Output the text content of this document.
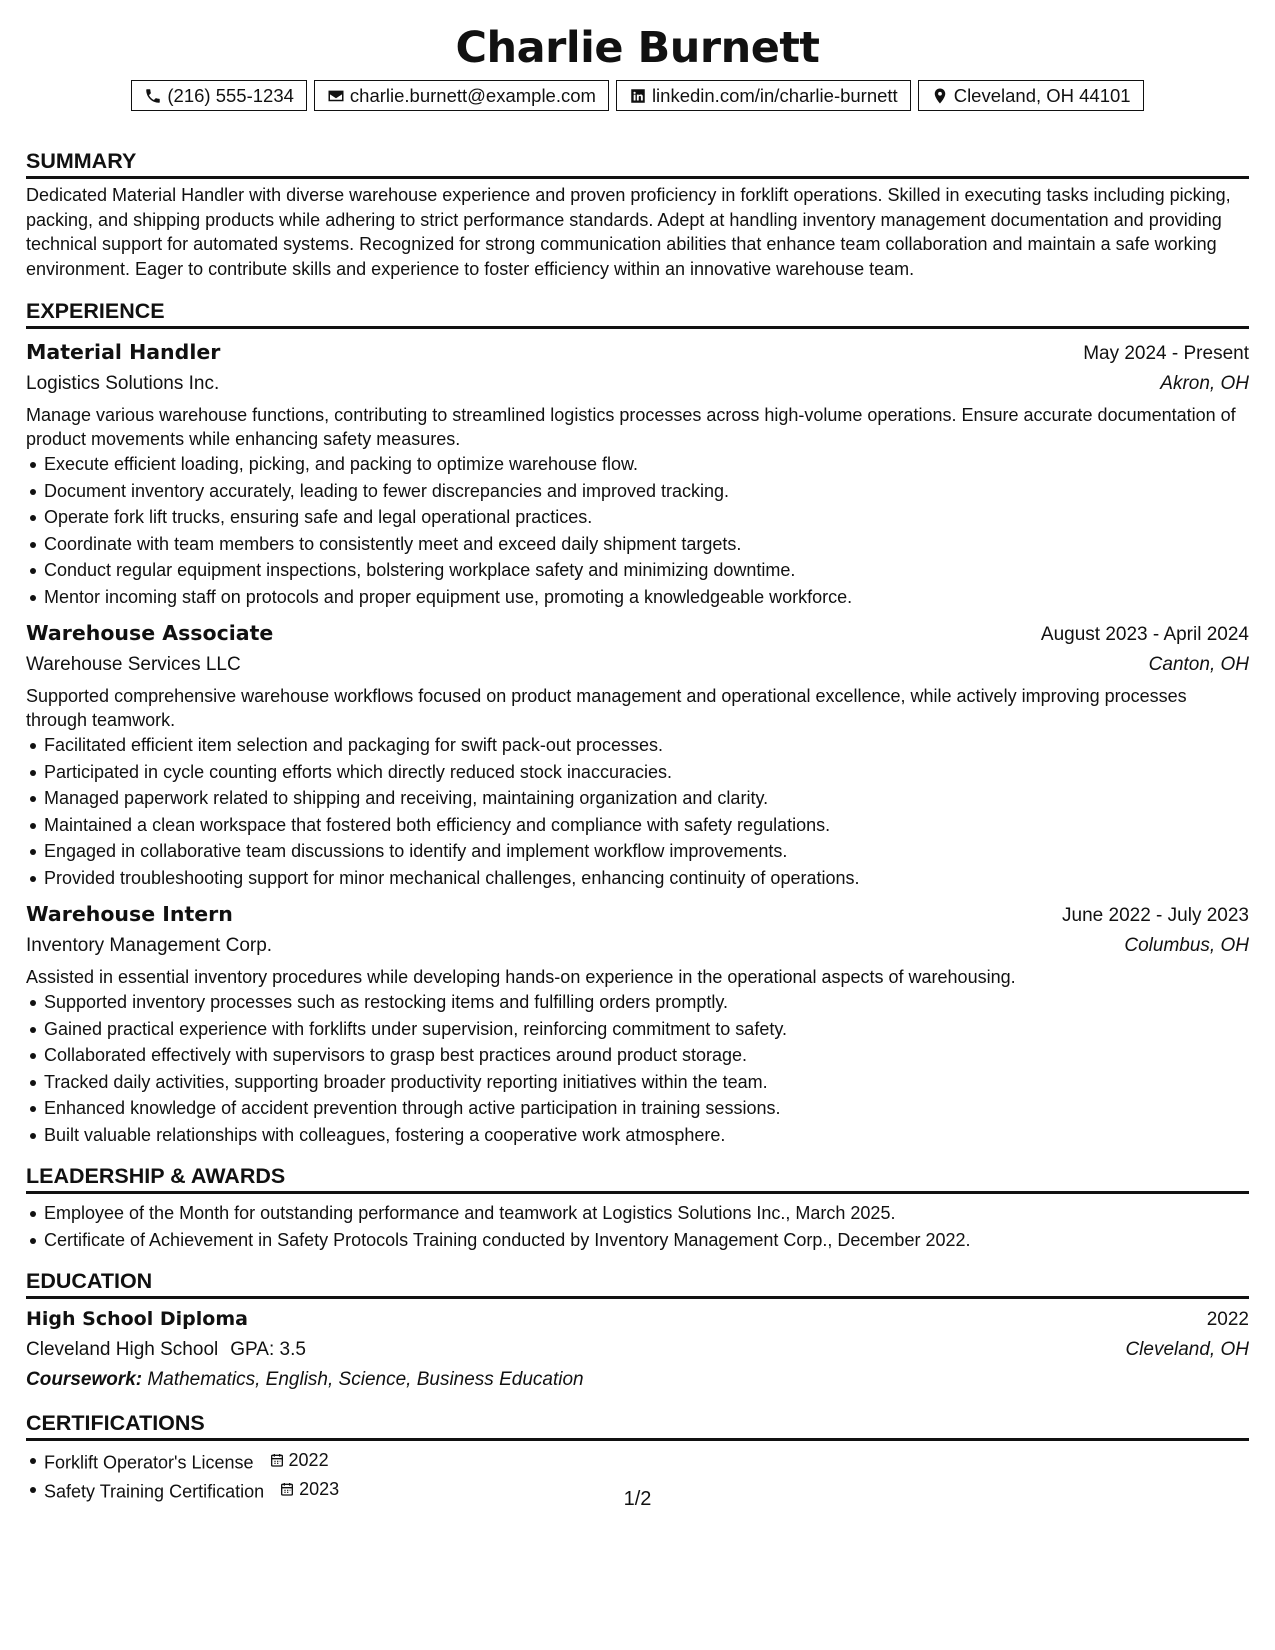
Charlie Burnett
(216) 555-1234	charlie.burnett@example.com	linkedin.com/in/charlie-burnett	Cleveland, OH 44101
SUMMARY
Dedicated Material Handler with diverse warehouse experience and proven proficiency in forklift operations. Skilled in executing tasks including picking, packing, and shipping products while adhering to strict performance standards. Adept at handling inventory management documentation and providing technical support for automated systems. Recognized for strong communication abilities that enhance team collaboration and maintain a safe working environment. Eager to contribute skills and experience to foster efficiency within an innovative warehouse team.
EXPERIENCE
Material Handler	May 2024 - Present
Logistics Solutions Inc.	Akron, OH
Manage various warehouse functions, contributing to streamlined logistics processes across high-volume operations. Ensure accurate documentation of product movements while enhancing safety measures.
Execute efficient loading, picking, and packing to optimize warehouse flow.
Document inventory accurately, leading to fewer discrepancies and improved tracking.
Operate fork lift trucks, ensuring safe and legal operational practices.
Coordinate with team members to consistently meet and exceed daily shipment targets.
Conduct regular equipment inspections, bolstering workplace safety and minimizing downtime.
Mentor incoming staff on protocols and proper equipment use, promoting a knowledgeable workforce.
Warehouse Associate	August 2023 - April 2024
Warehouse Services LLC	Canton, OH
Supported comprehensive warehouse workflows focused on product management and operational excellence, while actively improving processes through teamwork.
Facilitated efficient item selection and packaging for swift pack-out processes.
Participated in cycle counting efforts which directly reduced stock inaccuracies.
Managed paperwork related to shipping and receiving, maintaining organization and clarity.
Maintained a clean workspace that fostered both efficiency and compliance with safety regulations.
Engaged in collaborative team discussions to identify and implement workflow improvements.
Provided troubleshooting support for minor mechanical challenges, enhancing continuity of operations.
Warehouse Intern	June 2022 - July 2023
Inventory Management Corp.	Columbus, OH
Assisted in essential inventory procedures while developing hands-on experience in the operational aspects of warehousing.
Supported inventory processes such as restocking items and fulfilling orders promptly.
Gained practical experience with forklifts under supervision, reinforcing commitment to safety.
Collaborated effectively with supervisors to grasp best practices around product storage.
Tracked daily activities, supporting broader productivity reporting initiatives within the team.
Enhanced knowledge of accident prevention through active participation in training sessions.
Built valuable relationships with colleagues, fostering a cooperative work atmosphere.
LEADERSHIP & AWARDS
Employee of the Month for outstanding performance and teamwork at Logistics Solutions Inc., March 2025.
Certificate of Achievement in Safety Protocols Training conducted by Inventory Management Corp., December 2022.
EDUCATION
High School Diploma	2022
Cleveland High School GPA: 3.5	Cleveland, OH
Coursework: Mathematics, English, Science, Business Education
CERTIFICATIONS
Forklift Operator's License 2022
Safety Training Certification 2023	1/2
